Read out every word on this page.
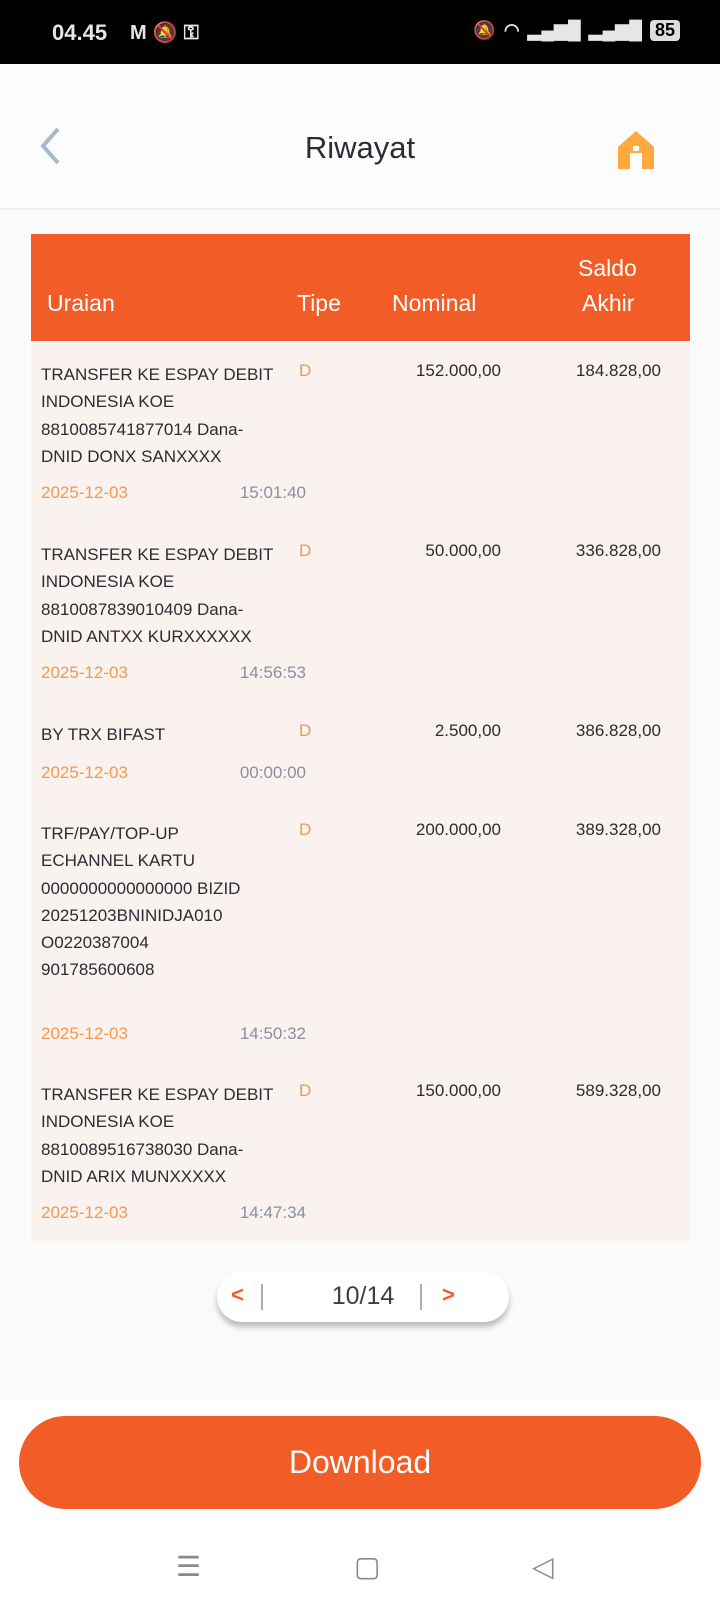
04.45 M🔕⚿	🔕 ◠ ▂▄▆█ ▂▄▆█ 85
Riwayat
Uraian	Tipe Nominal
Saldo
Akhir
TRANSFER KE ESPAY DEBIT INDONESIA KOE 8810085741877014 Dana-DNID DONX SANXXXX
D	152.000,00	184.828,00
2025-12-03	15:01:40
TRANSFER KE ESPAY DEBIT INDONESIA KOE 8810087839010409 Dana-DNID ANTXX KURXXXXXX
D	50.000,00	336.828,00
2025-12-03	14:56:53
BY TRX BIFAST	D	2.500,00	386.828,00
2025-12-03	00:00:00
TRF/PAY/TOP-UP ECHANNEL KARTU 0000000000000000 BIZID 20251203BNINIDJA010 O0220387004 901785600608
D	200.000,00	389.328,00
2025-12-03	14:50:32
TRANSFER KE ESPAY DEBIT INDONESIA KOE 8810089516738030 Dana-DNID ARIX MUNXXXXX
D	150.000,00	589.328,00
2025-12-03	14:47:34
<	10/14	>
Download
☰	▢	◁
